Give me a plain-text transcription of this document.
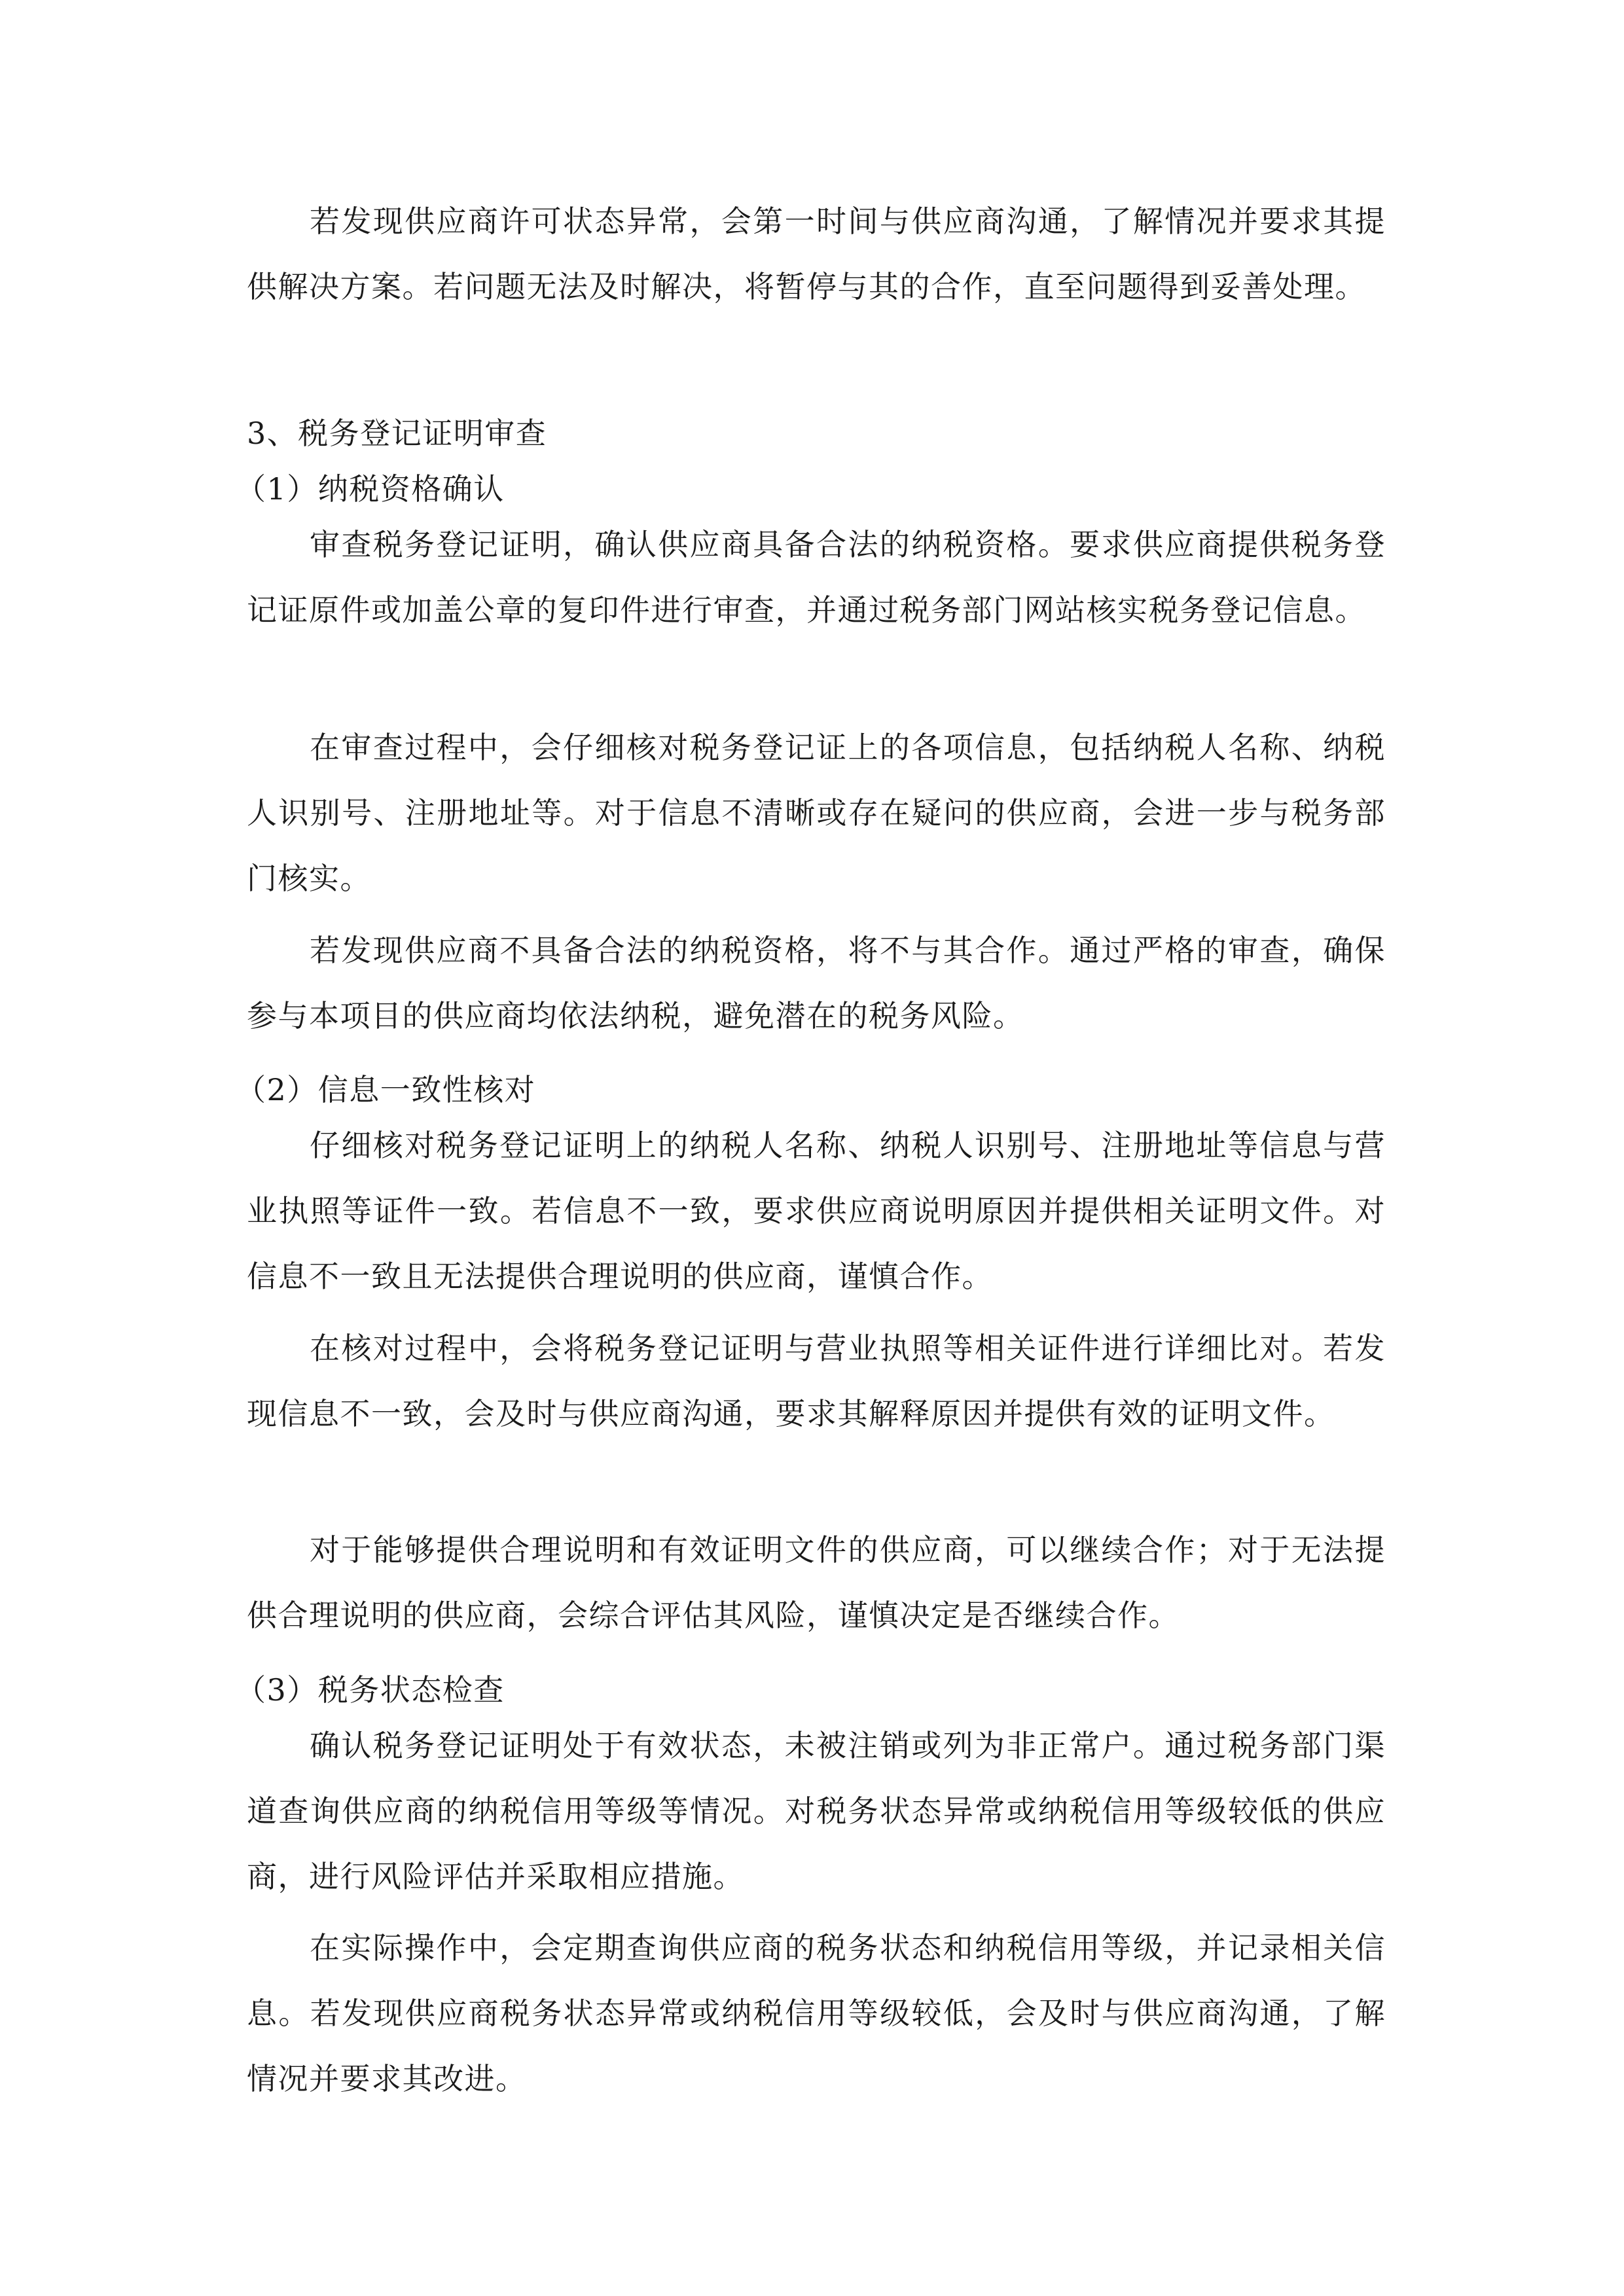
若发现供应商许可状态异常，会第一时间与供应商沟通，了解情况并要求其提供解决方案。若问题无法及时解决，将暂停与其的合作，直至问题得到妥善处理。

3、税务登记证明审查

（1）纳税资格确认

审查税务登记证明，确认供应商具备合法的纳税资格。要求供应商提供税务登记证原件或加盖公章的复印件进行审查，并通过税务部门网站核实税务登记信息。

在审查过程中，会仔细核对税务登记证上的各项信息，包括纳税人名称、纳税人识别号、注册地址等。对于信息不清晰或存在疑问的供应商，会进一步与税务部门核实。

若发现供应商不具备合法的纳税资格，将不与其合作。通过严格的审查，确保参与本项目的供应商均依法纳税，避免潜在的税务风险。

（2）信息一致性核对

仔细核对税务登记证明上的纳税人名称、纳税人识别号、注册地址等信息与营业执照等证件一致。若信息不一致，要求供应商说明原因并提供相关证明文件。对信息不一致且无法提供合理说明的供应商，谨慎合作。

在核对过程中，会将税务登记证明与营业执照等相关证件进行详细比对。若发现信息不一致，会及时与供应商沟通，要求其解释原因并提供有效的证明文件。

对于能够提供合理说明和有效证明文件的供应商，可以继续合作；对于无法提供合理说明的供应商，会综合评估其风险，谨慎决定是否继续合作。

（3）税务状态检查

确认税务登记证明处于有效状态，未被注销或列为非正常户。通过税务部门渠道查询供应商的纳税信用等级等情况。对税务状态异常或纳税信用等级较低的供应商，进行风险评估并采取相应措施。

在实际操作中，会定期查询供应商的税务状态和纳税信用等级，并记录相关信息。若发现供应商税务状态异常或纳税信用等级较低，会及时与供应商沟通，了解情况并要求其改进。
